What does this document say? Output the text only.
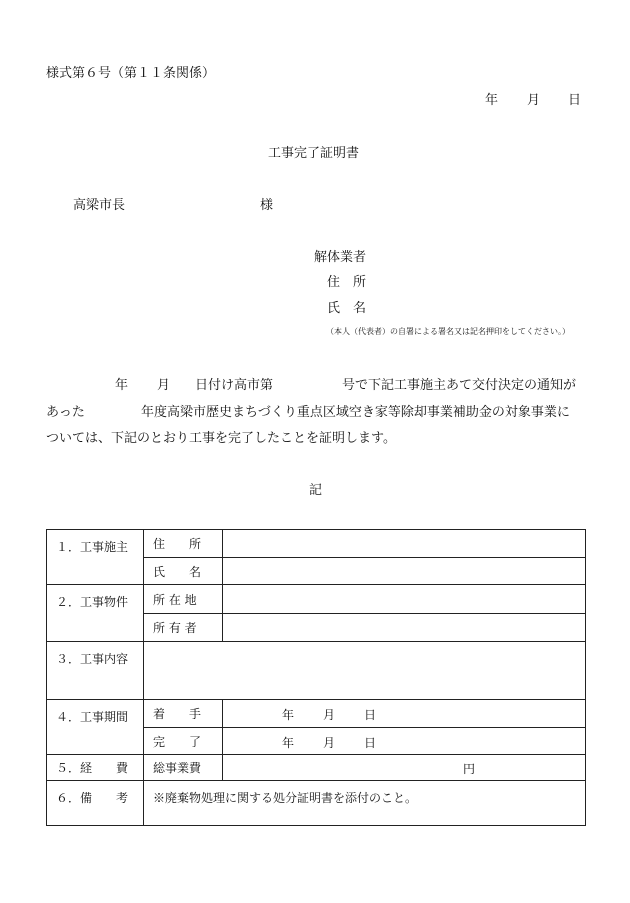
様式第６号（第１１条関係）
年 月 日
工事完了証明書
高梁市長	様
解体業者
住　所
氏　名
（本人（代表者）の自署による署名又は記名押印をしてください。）
年 月 日付け高市 第	号で下記工事施主あて交付決定の通知が
あった	年度高梁市歴史まちづくり重点区域空き家等除却事業補助金の対象事業に
ついては、下記のとおり工事を完了したことを証明します。
記
１．工事施主	住　　所	
	氏　　名	
２．工事物件	所 在 地	
	所 有 者	
３．工事内容		
４．工事期間	着　　手	年 月 日

	完　　了	年 月 日

５．経　　費	総事業費	円

６．備　　考	※廃棄物処理に関する処分証明書を添付のこと。	
